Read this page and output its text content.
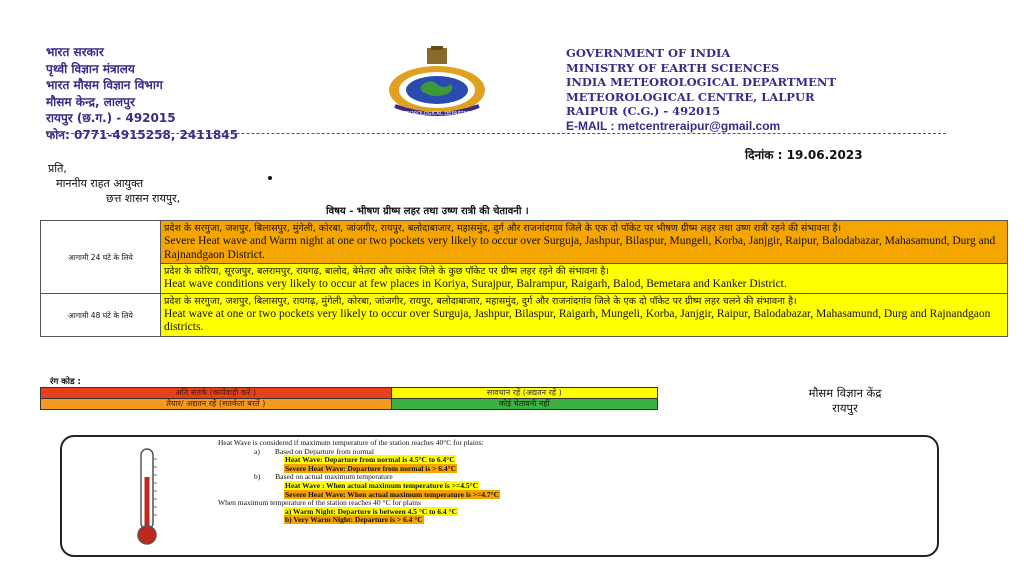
भारत सरकार
पृथ्वी विज्ञान मंत्रालय
भारत मौसम विज्ञान विभाग
मौसम केन्द्र, लालपुर
रायपुर (छ.ग.) - 492015
फोन: 0771-4915258, 2411845
METEOROLOGICAL DEPARTMENT
GOVERNMENT OF INDIA
MINISTRY OF EARTH SCIENCES
INDIA METEOROLOGICAL DEPARTMENT
METEOROLOGICAL CENTRE, LALPUR
RAIPUR (C.G.) - 492015
E-MAIL : metcentreraipur@gmail.com
दिनांक : 19.06.2023
प्रति,
माननीय राहत आयुक्त
छत्त शासन रायपुर,
विषय - भीषण ग्रीष्म लहर तथा उष्ण रात्री की चेतावनी ।
आगामी 24 घंटे के लिये	प्रदेश के सरगुजा, जशपुर, बिलासपुर, मुंगेली, कोरबा, जांजगीर, रायपुर, बलोदाबाजार, महासमुंद, दुर्ग और राजनांदगाव जिले के एक दो पॉकेट पर भीषण ग्रीष्म लहर तथा उष्ण रात्री रहने की संभावना है।
Severe Heat wave and Warm night at one or two pockets very likely to occur over Surguja, Jashpur, Bilaspur, Mungeli, Korba, Janjgir, Raipur, Balodabazar, Mahasamund, Durg and Rajnandgaon District.

	प्रदेश के कोरिया, सूरजपुर, बलरामपुर, रायगढ़, बालोद, बेमेतरा और कांकेर जिले के कुछ पॉकेट पर ग्रीष्म लहर रहने की संभावना है।
Heat wave conditions very likely to occur at few places in Koriya, Surajpur, Balrampur, Raigarh, Balod, Bemetara and Kanker District.

आगामी 48 घंटे के लिये	प्रदेश के सरगुजा, जशपुर, बिलासपुर, रायगढ़, मुंगेली, कोरबा, जांजगीर, रायपुर, बलोदाबाजार, महासमुंद, दुर्ग और राजनांदगांव जिले के एक दो पॉकेट पर ग्रीष्म लहर चलने की संभावना है।
Heat wave at one or two pockets very likely to occur over Surguja, Jashpur, Bilaspur, Raigarh, Mungeli, Korba, Janjgir, Raipur, Balodabazar, Mahasamund, Durg and Rajnandgaon districts.
रंग कोड :
अति सतर्क (कार्यवाही करें )	सावधान रहें (अद्यतन रहें )
तैयार/ अद्यतन रहें (सतर्कता बरतें )	कोई चेतावनी नहीं
मौसम विज्ञान केंद्र
रायपुर
Heat Wave is considered if maximum temperature of the station reaches 40°C for plains:
a) Based on Departure from normal
Heat Wave: Departure from normal is 4.5°C to 6.4°C
Severe Heat Wave: Departure from normal is > 6.4°C
b) Based on actual maximum temperature
Heat Wave : When actual maximum temperature is >=4.5°C
Severe Heat Wave: When actual maximum temperature is >=4.7°C
When maximum temperature of the station reaches 40 °C for plains
a) Warm Night: Departure is between 4.5 °C to 6.4 °C
b) Very Warm Night: Departure is > 6.4 °C
